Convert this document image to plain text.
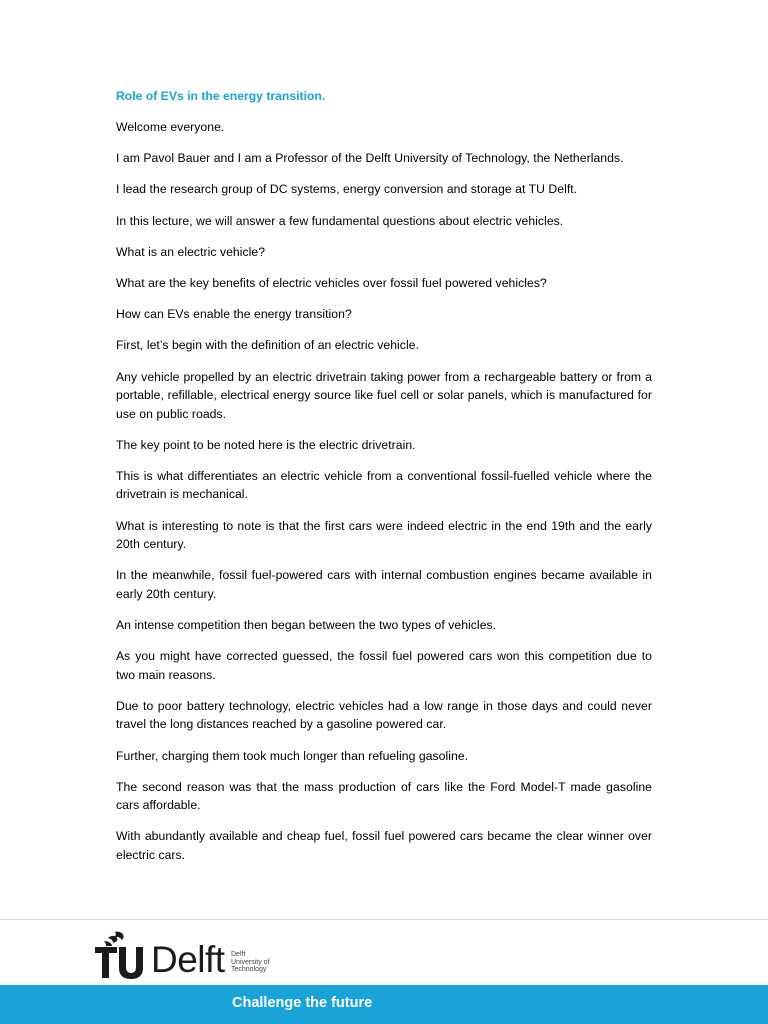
Role of EVs in the energy transition.

Welcome everyone.

I am Pavol Bauer and I am a Professor of the Delft University of Technology, the Netherlands.

I lead the research group of DC systems, energy conversion and storage at TU Delft.

In this lecture, we will answer a few fundamental questions about electric vehicles.

What is an electric vehicle?

What are the key benefits of electric vehicles over fossil fuel powered vehicles?

How can EVs enable the energy transition?

First, let’s begin with the definition of an electric vehicle.

Any vehicle propelled by an electric drivetrain taking power from a rechargeable battery or from a portable, refillable, electrical energy source like fuel cell or solar panels, which is manufactured for use on public roads.

The key point to be noted here is the electric drivetrain.

This is what differentiates an electric vehicle from a conventional fossil-fuelled vehicle where the drivetrain is mechanical.

What is interesting to note is that the first cars were indeed electric in the end 19th and the early 20th century.

In the meanwhile, fossil fuel-powered cars with internal combustion engines became available in early 20th century.

An intense competition then began between the two types of vehicles.

As you might have corrected guessed, the fossil fuel powered cars won this competition due to two main reasons.

Due to poor battery technology, electric vehicles had a low range in those days and could never travel the long distances reached by a gasoline powered car.

Further, charging them took much longer than refueling gasoline.

The second reason was that the mass production of cars like the Ford Model-T made gasoline cars affordable.

With abundantly available and cheap fuel, fossil fuel powered cars became the clear winner over electric cars.

Delft Delft
University of
Technology
Challenge the future
